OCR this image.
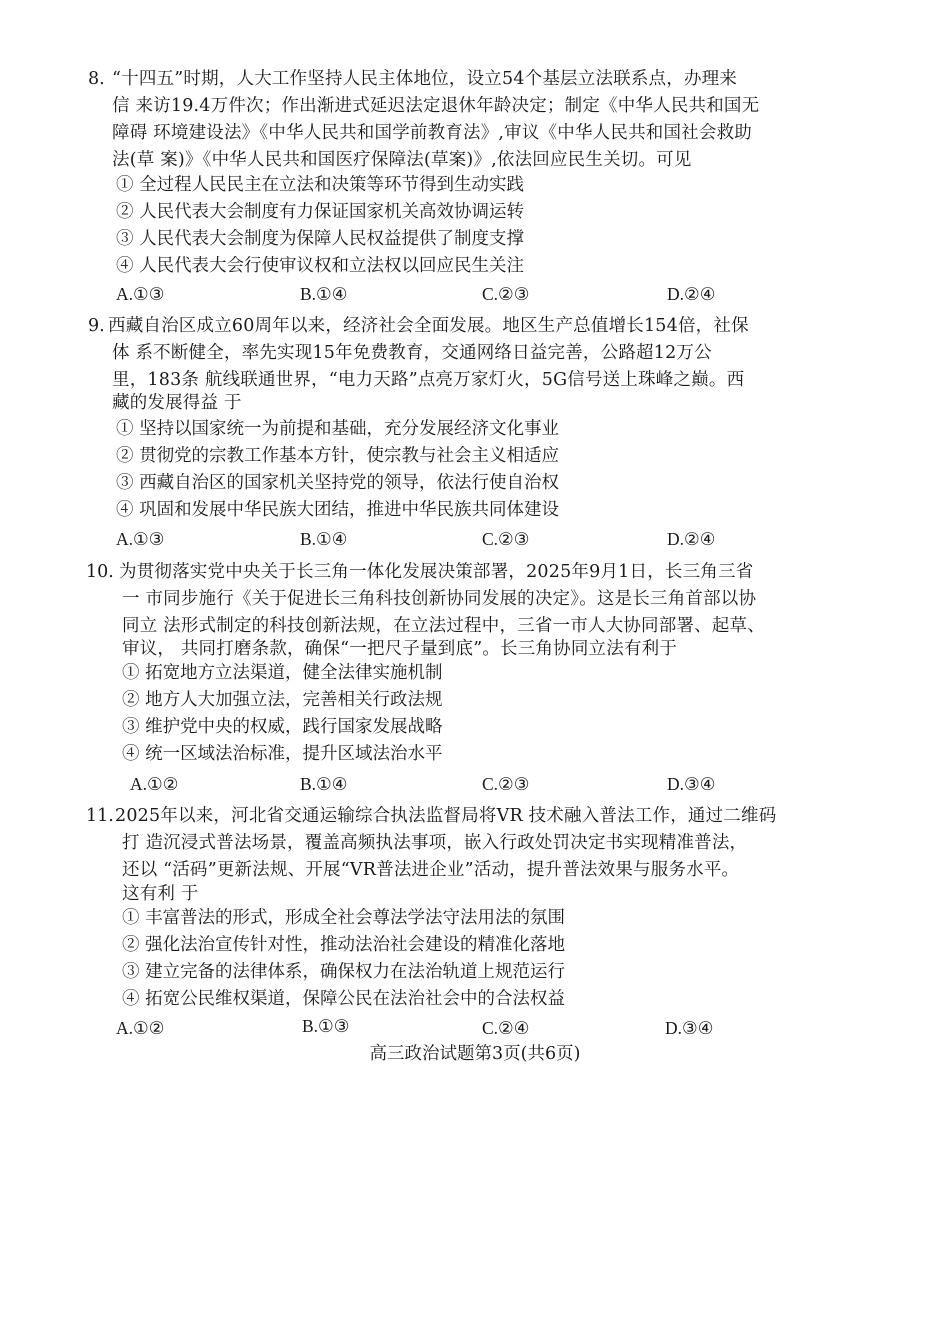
8. “十四五”时期，人大工作坚持人民主体地位，设立54个基层立法联系点，办理来
信 来访19.4万件次；作出渐进式延迟法定退休年龄决定；制定《中华人民共和国无
障碍 环境建设法》《中华人民共和国学前教育法》,审议《中华人民共和国社会救助
法(草 案)》《中华人民共和国医疗保障法(草案)》,依法回应民生关切。可见
① 全过程人民民主在立法和决策等环节得到生动实践
② 人民代表大会制度有力保证国家机关高效协调运转
③ 人民代表大会制度为保障人民权益提供了制度支撑
④ 人民代表大会行使审议权和立法权以回应民生关注
A.①③	B.①④	C.②③	D.②④
9. 西藏自治区成立60周年以来，经济社会全面发展。地区生产总值增长154倍，社保
体 系不断健全，率先实现15年免费教育，交通网络日益完善，公路超12万公
里，183条 航线联通世界，“电力天路”点亮万家灯火，5G信号送上珠峰之巅。西
藏的发展得益 于
① 坚持以国家统一为前提和基础，充分发展经济文化事业
② 贯彻党的宗教工作基本方针，使宗教与社会主义相适应
③ 西藏自治区的国家机关坚持党的领导，依法行使自治权
④ 巩固和发展中华民族大团结，推进中华民族共同体建设
A.①③	B.①④	C.②③	D.②④
10. 为贯彻落实党中央关于长三角一体化发展决策部署，2025年9月1日，长三角三省
一 市同步施行《关于促进长三角科技创新协同发展的决定》。这是长三角首部以协
同立 法形式制定的科技创新法规，在立法过程中，三省一市人大协同部署、起草、
审议， 共同打磨条款，确保“一把尺子量到底”。长三角协同立法有利于
① 拓宽地方立法渠道，健全法律实施机制
② 地方人大加强立法，完善相关行政法规
③ 维护党中央的权威，践行国家发展战略
④ 统一区域法治标准，提升区域法治水平
A.①②	B.①④	C.②③	D.③④
11. 2025年以来，河北省交通运输综合执法监督局将VR 技术融入普法工作，通过二维码
打 造沉浸式普法场景，覆盖高频执法事项，嵌入行政处罚决定书实现精准普法，
还以 “活码”更新法规、开展“VR普法进企业”活动，提升普法效果与服务水平。
这有利 于
① 丰富普法的形式，形成全社会尊法学法守法用法的氛围
② 强化法治宣传针对性，推动法治社会建设的精准化落地
③ 建立完备的法律体系，确保权力在法治轨道上规范运行
④ 拓宽公民维权渠道，保障公民在法治社会中的合法权益
A.①②	B.①③	C.②④	D.③④
高三政治试题第3页(共6页)
